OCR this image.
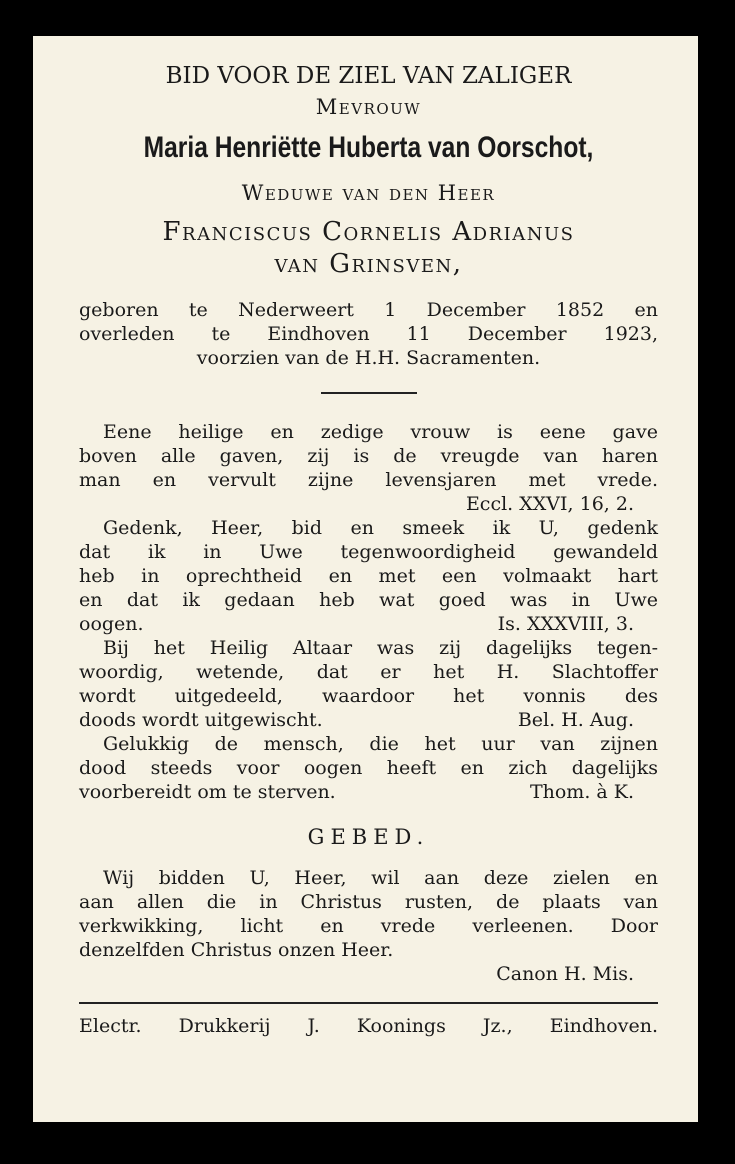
BID VOOR DE ZIEL VAN ZALIGER

Mevrouw

Maria Henriëtte Huberta van Oorschot,

Weduwe van den Heer

Franciscus Cornelis Adrianus

van Grinsven,

geboren te Nederweert 1 December 1852 en

overleden te Eindhoven 11 December 1923,

voorzien van de H.H. Sacramenten.

Eene heilige en zedige vrouw is eene gave

boven alle gaven, zij is de vreugde van haren

man en vervult zijne levensjaren met vrede.

Eccl. XXVI, 16, 2.

Gedenk, Heer, bid en smeek ik U, gedenk

dat ik in Uwe tegenwoordigheid gewandeld

heb in oprechtheid en met een volmaakt hart

en dat ik gedaan heb wat goed was in Uwe

oogen.	Is. XXXVIII, 3.

Bij het Heilig Altaar was zij dagelijks tegen-

woordig, wetende, dat er het H. Slachtoffer

wordt uitgedeeld, waardoor het vonnis des

doods wordt uitgewischt.	Bel. H. Aug.

Gelukkig de mensch, die het uur van zijnen

dood steeds voor oogen heeft en zich dagelijks

voorbereidt om te sterven.	Thom. à K.

GEBED.

Wij bidden U, Heer, wil aan deze zielen en

aan allen die in Christus rusten, de plaats van

verkwikking, licht en vrede verleenen. Door

denzelfden Christus onzen Heer.

Canon H. Mis.

Electr. Drukkerij J. Koonings Jz., Eindhoven.
